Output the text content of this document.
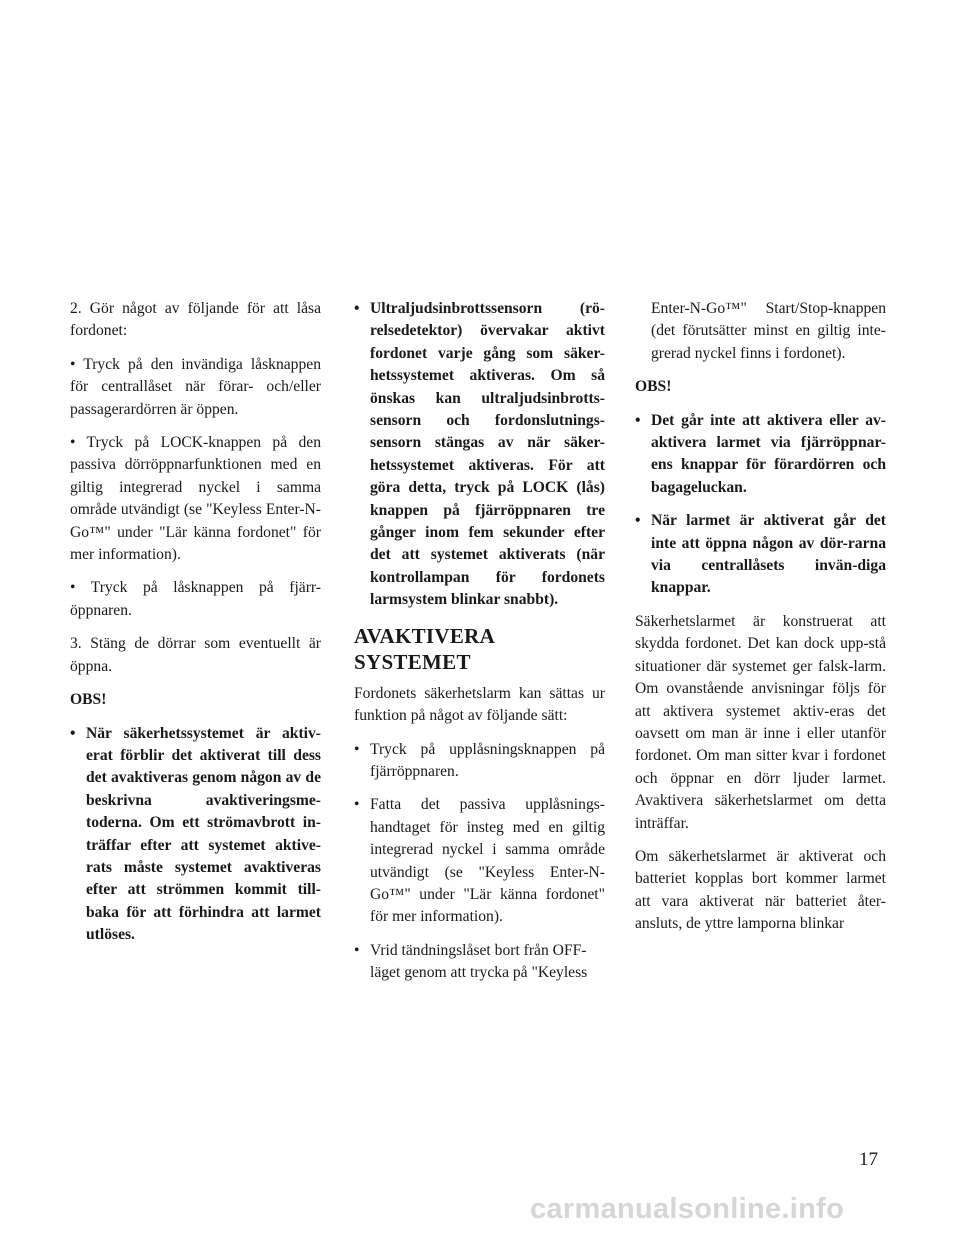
2. Gör något av följande för att låsa fordonet:

• Tryck på den invändiga låsknappen för centrallåset när förar- och/eller passagerardörren är öppen.

• Tryck på LOCK-knappen på den passiva dörröppnarfunktionen med en giltig integrerad nyckel i samma område utvändigt (se "Keyless Enter-N-Go™" under "Lär känna fordonet" för mer information).

• Tryck på låsknappen på fjärr-öppnaren.

3. Stäng de dörrar som eventuellt är öppna.

OBS!

• När säkerhetssystemet är aktiv-erat förblir det aktiverat till dess det avaktiveras genom någon av de beskrivna avaktiveringsme-toderna. Om ett strömavbrott in-träffar efter att systemet aktive-rats måste systemet avaktiveras efter att strömmen kommit till-baka för att förhindra att larmet utlöses.

• Ultraljudsinbrottssensorn (rö-relsedetektor) övervakar aktivt fordonet varje gång som säker-hetssystemet aktiveras. Om så önskas kan ultraljudsinbrotts-sensorn och fordonslutnings-sensorn stängas av när säker-hetssystemet aktiveras. För att göra detta, tryck på LOCK (lås) knappen på fjärröppnaren tre gånger inom fem sekunder efter det att systemet aktiverats (när kontrollampan för fordonets larmsystem blinkar snabbt).

AVAKTIVERA SYSTEMET

Fordonets säkerhetslarm kan sättas ur funktion på något av följande sätt:

• Tryck på upplåsningsknappen på fjärröppnaren.

• Fatta det passiva upplåsnings-handtaget för insteg med en giltig integrerad nyckel i samma område utvändigt (se "Keyless Enter-N-Go™" under "Lär känna fordonet" för mer information).

• Vrid tändningslåset bort från OFF-läget genom att trycka på "Keyless

Enter-N-Go™" Start/Stop-knappen (det förutsätter minst en giltig inte-grerad nyckel finns i fordonet).

OBS!

• Det går inte att aktivera eller av-aktivera larmet via fjärröppnar-ens knappar för förardörren och bagageluckan.

• När larmet är aktiverat går det inte att öppna någon av dör-rarna via centrallåsets invän-diga knappar.

Säkerhetslarmet är konstruerat att skydda fordonet. Det kan dock upp-stå situationer där systemet ger falsk-larm. Om ovanstående anvisningar följs för att aktivera systemet aktiv-eras det oavsett om man är inne i eller utanför fordonet. Om man sitter kvar i fordonet och öppnar en dörr ljuder larmet. Avaktivera säkerhetslarmet om detta inträffar.

Om säkerhetslarmet är aktiverat och batteriet kopplas bort kommer larmet att vara aktiverat när batteriet åter-ansluts, de yttre lamporna blinkar

17
carmanualsonline.info
